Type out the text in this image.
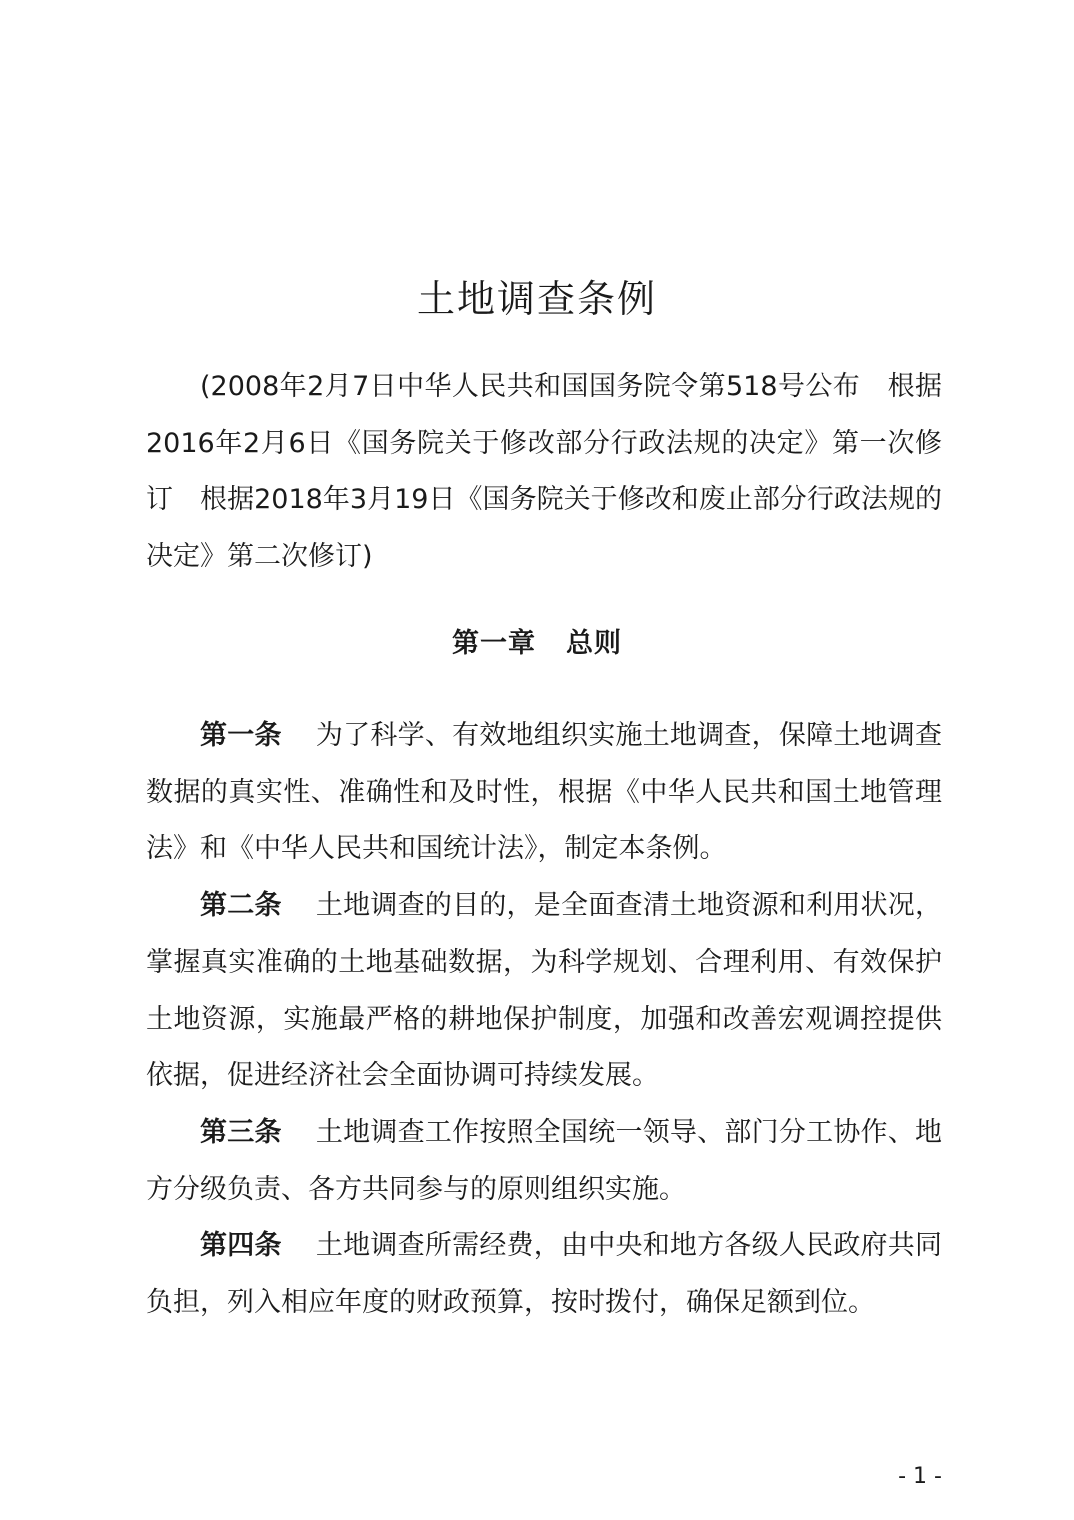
土地调查条例
(2008年2月7日中华人民共和国国务院令第518号公布　根据2016年2月6日《国务院关于修改部分行政法规的决定》第一次修订　根据2018年3月19日《国务院关于修改和废止部分行政法规的决定》第二次修订)
第一章 总则

第一条 为了科学、有效地组织实施土地调查，保障土地调查数据的真实性、准确性和及时性，根据《中华人民共和国土地管理法》和《中华人民共和国统计法》，制定本条例。

第二条 土地调查的目的，是全面查清土地资源和利用状况，掌握真实准确的土地基础数据，为科学规划、合理利用、有效保护土地资源，实施最严格的耕地保护制度，加强和改善宏观调控提供依据，促进经济社会全面协调可持续发展。

第三条 土地调查工作按照全国统一领导、部门分工协作、地方分级负责、各方共同参与的原则组织实施。

第四条 土地调查所需经费，由中央和地方各级人民政府共同负担，列入相应年度的财政预算，按时拨付，确保足额到位。

- 1 -
